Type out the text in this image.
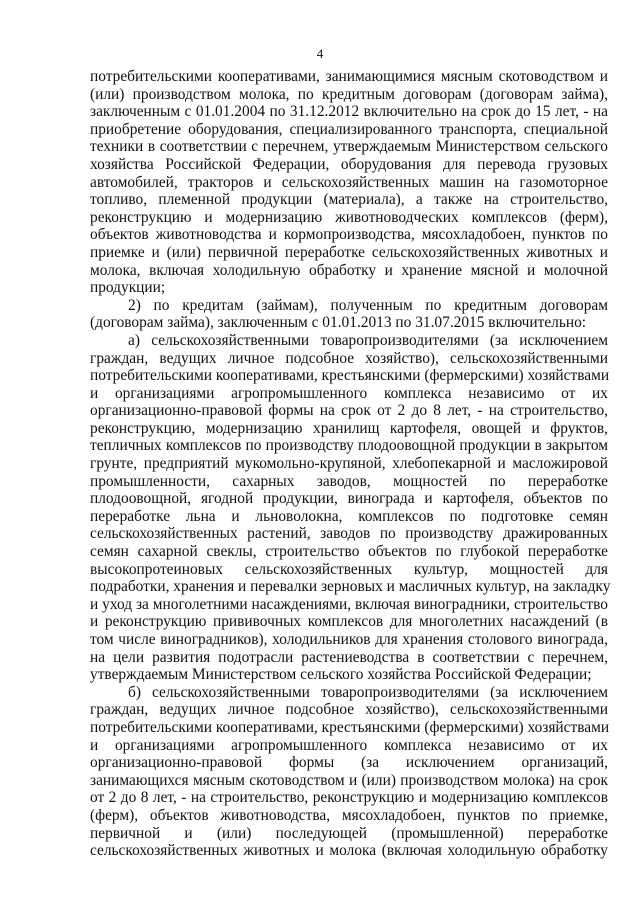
4
потребительскими кооперативами, занимающимися мясным скотоводством и
(или) производством молока, по кредитным договорам (договорам займа),
заключенным с 01.01.2004 по 31.12.2012 включительно на срок до 15 лет, - на
приобретение оборудования, специализированного транспорта, специальной
техники в соответствии с перечнем, утверждаемым Министерством сельского
хозяйства Российской Федерации, оборудования для перевода грузовых
автомобилей, тракторов и сельскохозяйственных машин на газомоторное
топливо, племенной продукции (материала), а также на строительство,
реконструкцию и модернизацию животноводческих комплексов (ферм),
объектов животноводства и кормопроизводства, мясохладобоен, пунктов по
приемке и (или) первичной переработке сельскохозяйственных животных и
молока, включая холодильную обработку и хранение мясной и молочной
продукции;
2) по кредитам (займам), полученным по кредитным договорам
(договорам займа), заключенным с 01.01.2013 по 31.07.2015 включительно:
а) сельскохозяйственными товаропроизводителями (за исключением
граждан, ведущих личное подсобное хозяйство), сельскохозяйственными
потребительскими кооперативами, крестьянскими (фермерскими) хозяйствами
и организациями агропромышленного комплекса независимо от их
организационно-правовой формы на срок от 2 до 8 лет, - на строительство,
реконструкцию, модернизацию хранилищ картофеля, овощей и фруктов,
тепличных комплексов по производству плодоовощной продукции в закрытом
грунте, предприятий мукомольно-крупяной, хлебопекарной и масложировой
промышленности, сахарных заводов, мощностей по переработке
плодоовощной, ягодной продукции, винограда и картофеля, объектов по
переработке льна и льноволокна, комплексов по подготовке семян
сельскохозяйственных растений, заводов по производству дражированных
семян сахарной свеклы, строительство объектов по глубокой переработке
высокопротеиновых сельскохозяйственных культур, мощностей для
подработки, хранения и перевалки зерновых и масличных культур, на закладку
и уход за многолетними насаждениями, включая виноградники, строительство
и реконструкцию прививочных комплексов для многолетних насаждений (в
том числе виноградников), холодильников для хранения столового винограда,
на цели развития подотрасли растениеводства в соответствии с перечнем,
утверждаемым Министерством сельского хозяйства Российской Федерации;
б) сельскохозяйственными товаропроизводителями (за исключением
граждан, ведущих личное подсобное хозяйство), сельскохозяйственными
потребительскими кооперативами, крестьянскими (фермерскими) хозяйствами
и организациями агропромышленного комплекса независимо от их
организационно-правовой формы (за исключением организаций,
занимающихся мясным скотоводством и (или) производством молока) на срок
от 2 до 8 лет, - на строительство, реконструкцию и модернизацию комплексов
(ферм), объектов животноводства, мясохладобоен, пунктов по приемке,
первичной и (или) последующей (промышленной) переработке
сельскохозяйственных животных и молока (включая холодильную обработку
